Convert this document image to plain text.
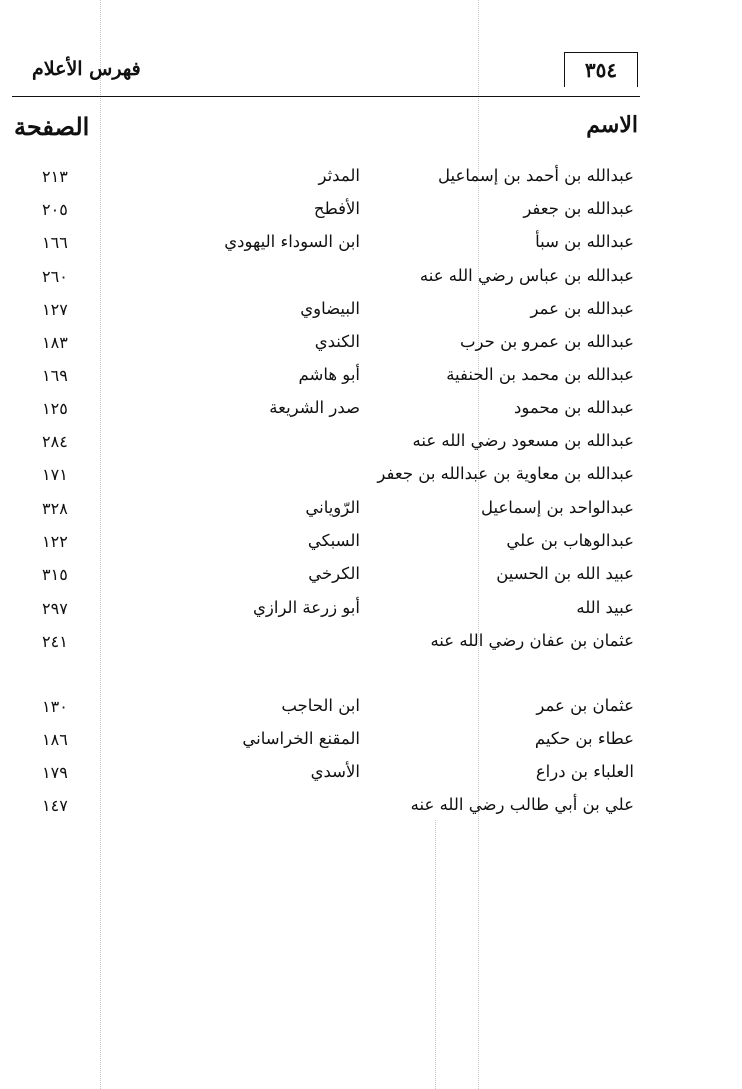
٣٥٤
فهرس الأعلام
الاسم
الصفحة
عبدالله بن أحمد بن إسماعيل
المدثر
٢١٣
عبدالله بن جعفر
الأفطح
٢٠٥
عبدالله بن سبأ
ابن السوداء اليهودي
١٦٦
عبدالله بن عباس رضي الله عنه
٢٦٠
عبدالله بن عمر
البيضاوي
١٢٧
عبدالله بن عمرو بن حرب
الكندي
١٨٣
عبدالله بن محمد بن الحنفية
أبو هاشم
١٦٩
عبدالله بن محمود
صدر الشريعة
١٢٥
عبدالله بن مسعود رضي الله عنه
٢٨٤
عبدالله بن معاوية بن عبدالله بن جعفر
١٧١
عبدالواحد بن إسماعيل
الرّوياني
٣٢٨
عبدالوهاب بن علي
السبكي
١٢٢
عبيد الله بن الحسين
الكرخي
٣١٥
عبيد الله
أبو زرعة الرازي
٢٩٧
عثمان بن عفان رضي الله عنه
٢٤١
عثمان بن عمر
ابن الحاجب
١٣٠
عطاء بن حكيم
المقنع الخراساني
١٨٦
العلباء بن دراع
الأسدي
١٧٩
علي بن أبي طالب رضي الله عنه
١٤٧
